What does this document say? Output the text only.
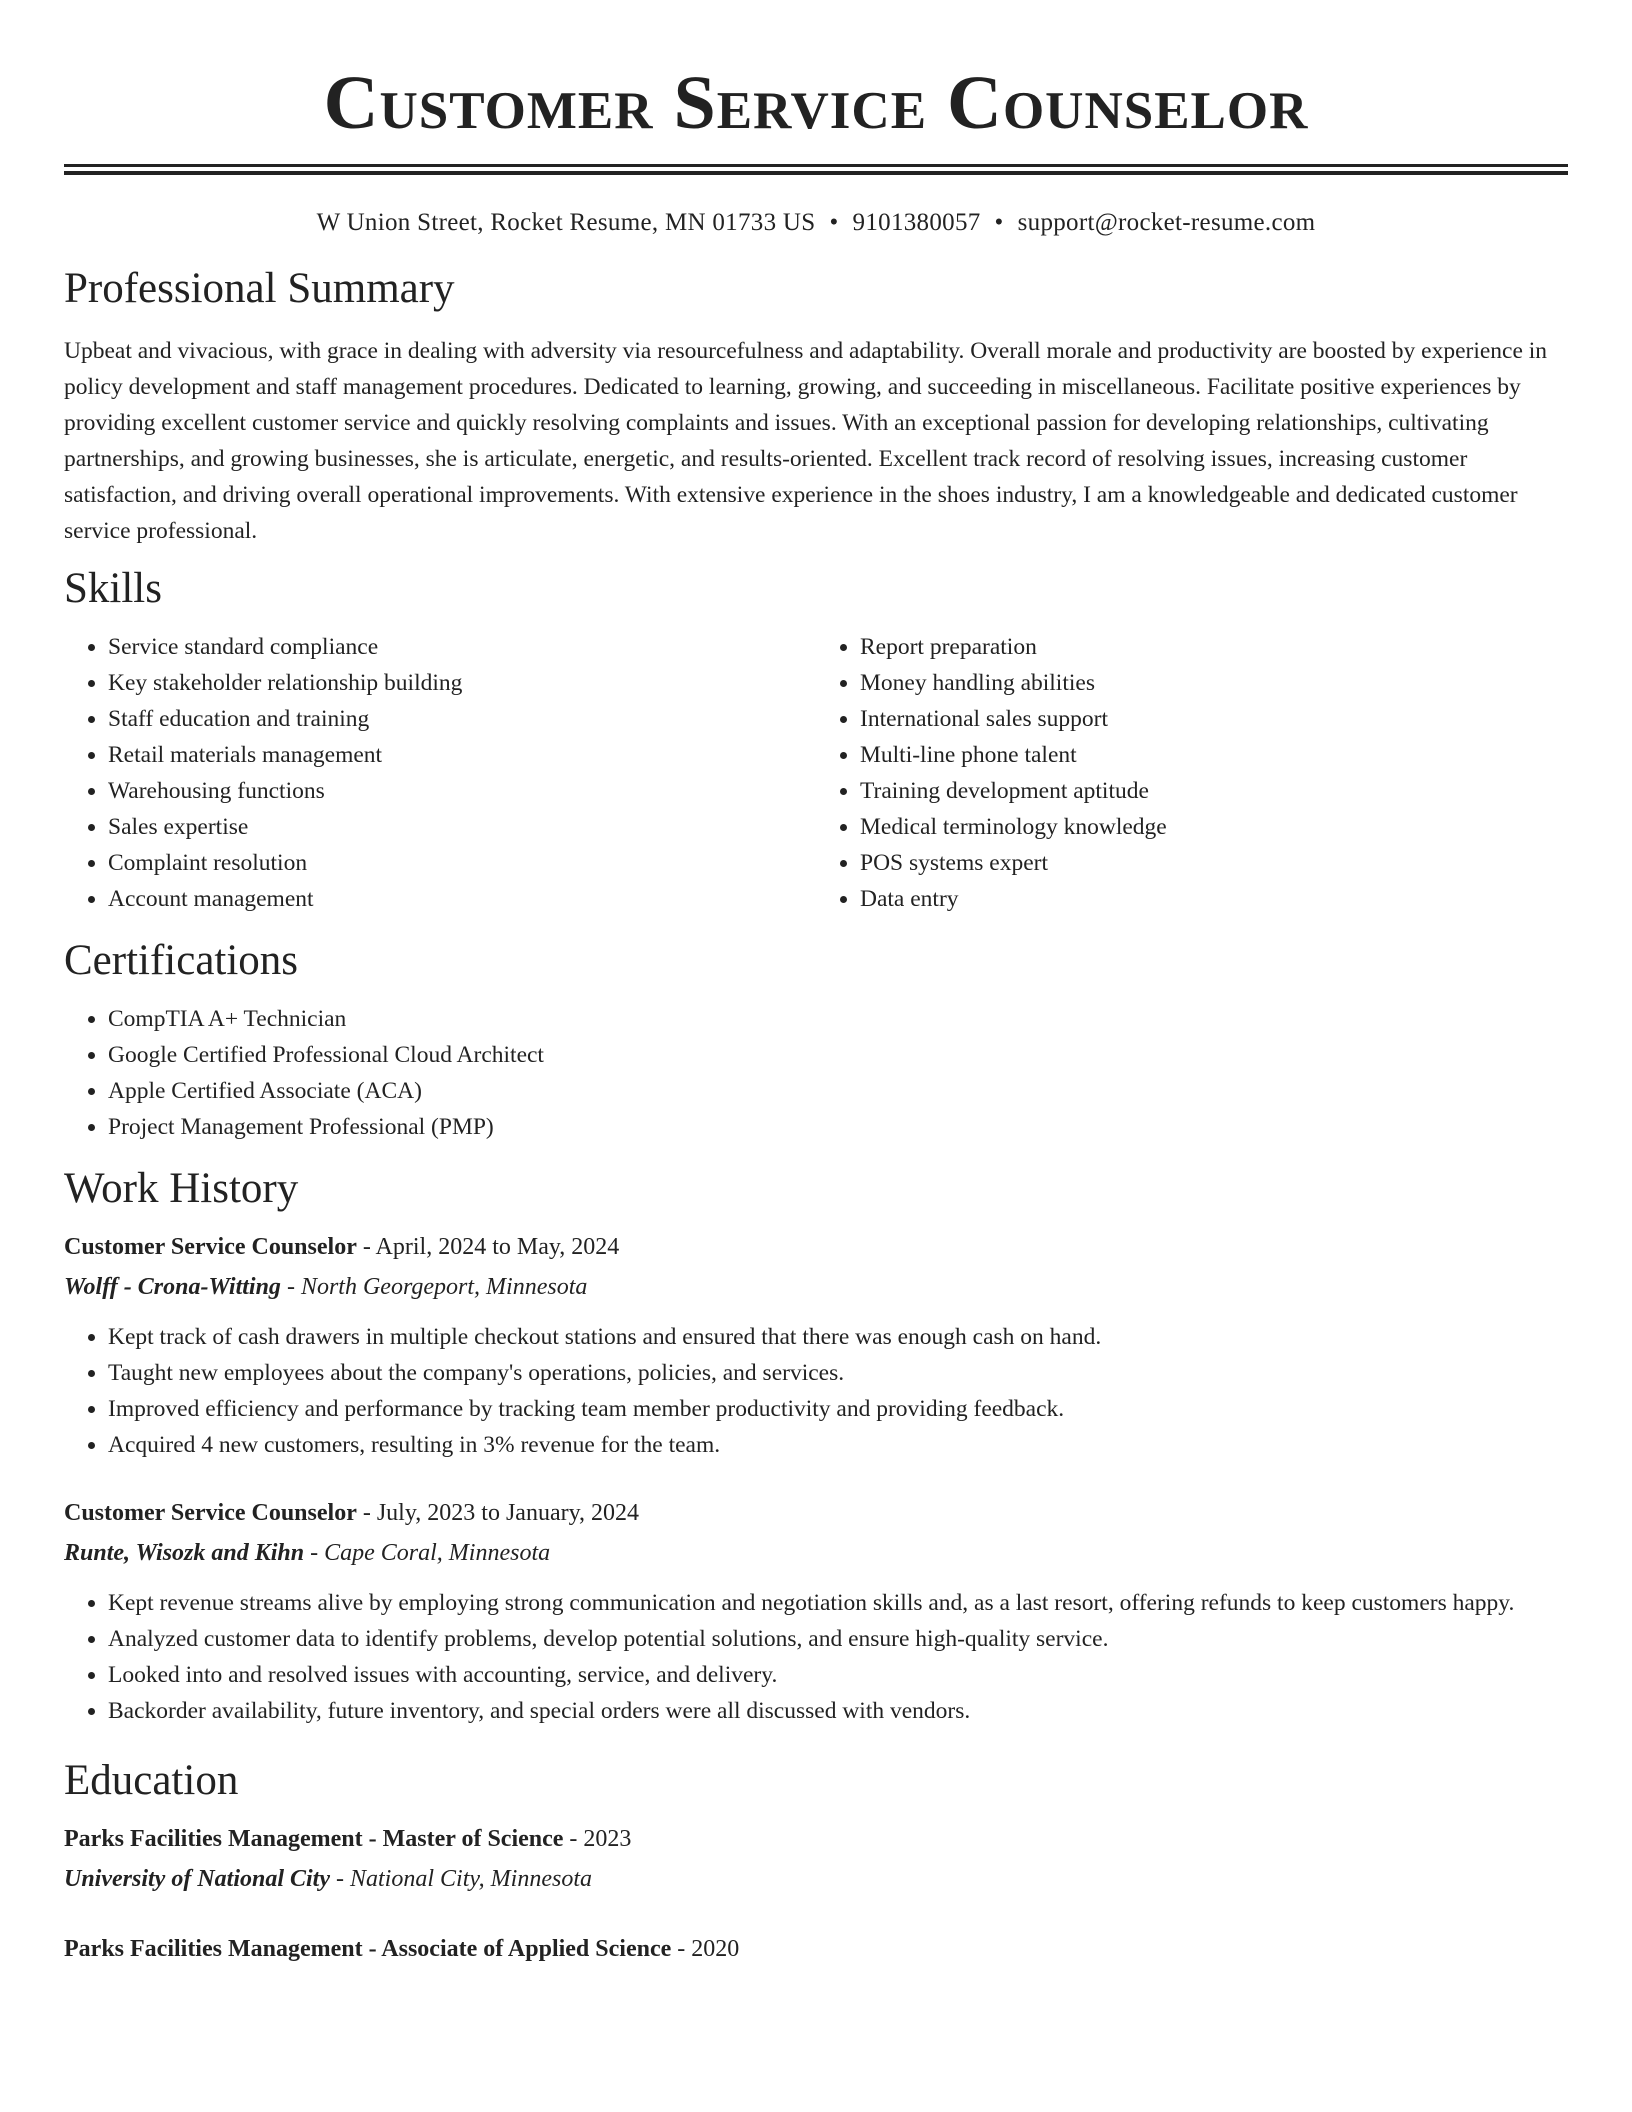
Customer Service Counselor
W Union Street, Rocket Resume, MN 01733 US • 9101380057 • support@rocket-resume.com
Professional Summary

Upbeat and vivacious, with grace in dealing with adversity via resourcefulness and adaptability. Overall morale and productivity are boosted by experience in policy development and staff management procedures. Dedicated to learning, growing, and succeeding in miscellaneous. Facilitate positive experiences by providing excellent customer service and quickly resolving complaints and issues. With an exceptional passion for developing relationships, cultivating partnerships, and growing businesses, she is articulate, energetic, and results-oriented. Excellent track record of resolving issues, increasing customer satisfaction, and driving overall operational improvements. With extensive experience in the shoes industry, I am a knowledgeable and dedicated customer service professional.

Skills
• Service standard compliance
• Key stakeholder relationship building
• Staff education and training
• Retail materials management
• Warehousing functions
• Sales expertise
• Complaint resolution
• Account management
• Report preparation
• Money handling abilities
• International sales support
• Multi-line phone talent
• Training development aptitude
• Medical terminology knowledge
• POS systems expert
• Data entry
Certifications
• CompTIA A+ Technician
• Google Certified Professional Cloud Architect
• Apple Certified Associate (ACA)
• Project Management Professional (PMP)
Work History
Customer Service Counselor - April, 2024 to May, 2024
Wolff - Crona-Witting - North Georgeport, Minnesota
• Kept track of cash drawers in multiple checkout stations and ensured that there was enough cash on hand.
• Taught new employees about the company's operations, policies, and services.
• Improved efficiency and performance by tracking team member productivity and providing feedback.
• Acquired 4 new customers, resulting in 3% revenue for the team.
Customer Service Counselor - July, 2023 to January, 2024
Runte, Wisozk and Kihn - Cape Coral, Minnesota
• Kept revenue streams alive by employing strong communication and negotiation skills and, as a last resort, offering refunds to keep customers happy.
• Analyzed customer data to identify problems, develop potential solutions, and ensure high-quality service.
• Looked into and resolved issues with accounting, service, and delivery.
• Backorder availability, future inventory, and special orders were all discussed with vendors.
Education
Parks Facilities Management - Master of Science - 2023
University of National City - National City, Minnesota
Parks Facilities Management - Associate of Applied Science - 2020
